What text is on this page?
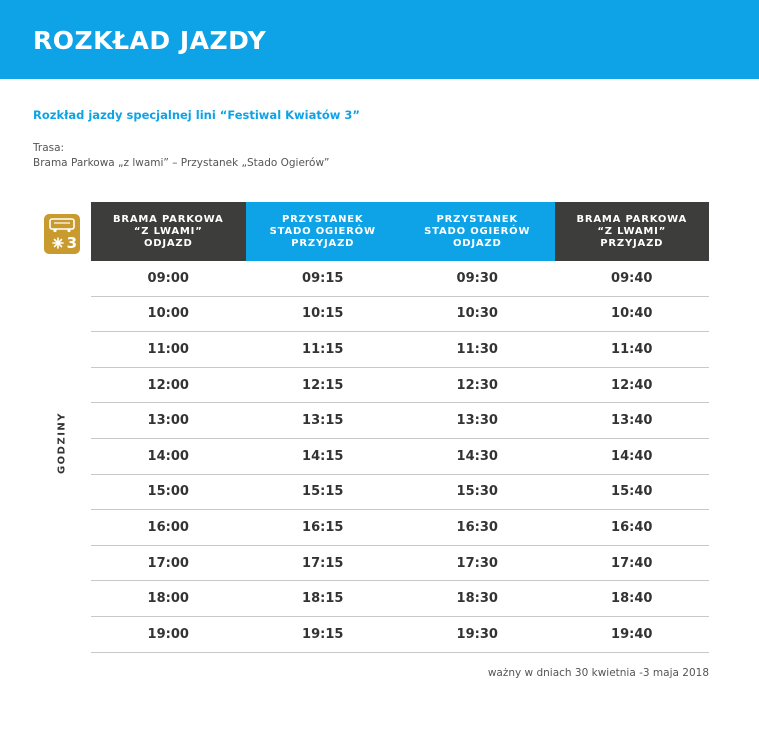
ROZKŁAD JAZDY
Rozkład jazdy specjalnej lini “Festiwal Kwiatów 3”
Trasa:
Brama Parkowa „z lwami” – Przystanek „Stado Ogierów”
3
GODZINY
BRAMA PARKOWA
“Z LWAMI”
ODJAZD	PRZYSTANEK
STADO OGIERÓW
PRZYJAZD	PRZYSTANEK
STADO OGIERÓW
ODJAZD	BRAMA PARKOWA
“Z LWAMI”
PRZYJAZD

09:00	09:15	09:30	09:40
10:00	10:15	10:30	10:40
11:00	11:15	11:30	11:40
12:00	12:15	12:30	12:40
13:00	13:15	13:30	13:40
14:00	14:15	14:30	14:40
15:00	15:15	15:30	15:40
16:00	16:15	16:30	16:40
17:00	17:15	17:30	17:40
18:00	18:15	18:30	18:40
19:00	19:15	19:30	19:40
ważny w dniach 30 kwietnia -3 maja 2018
